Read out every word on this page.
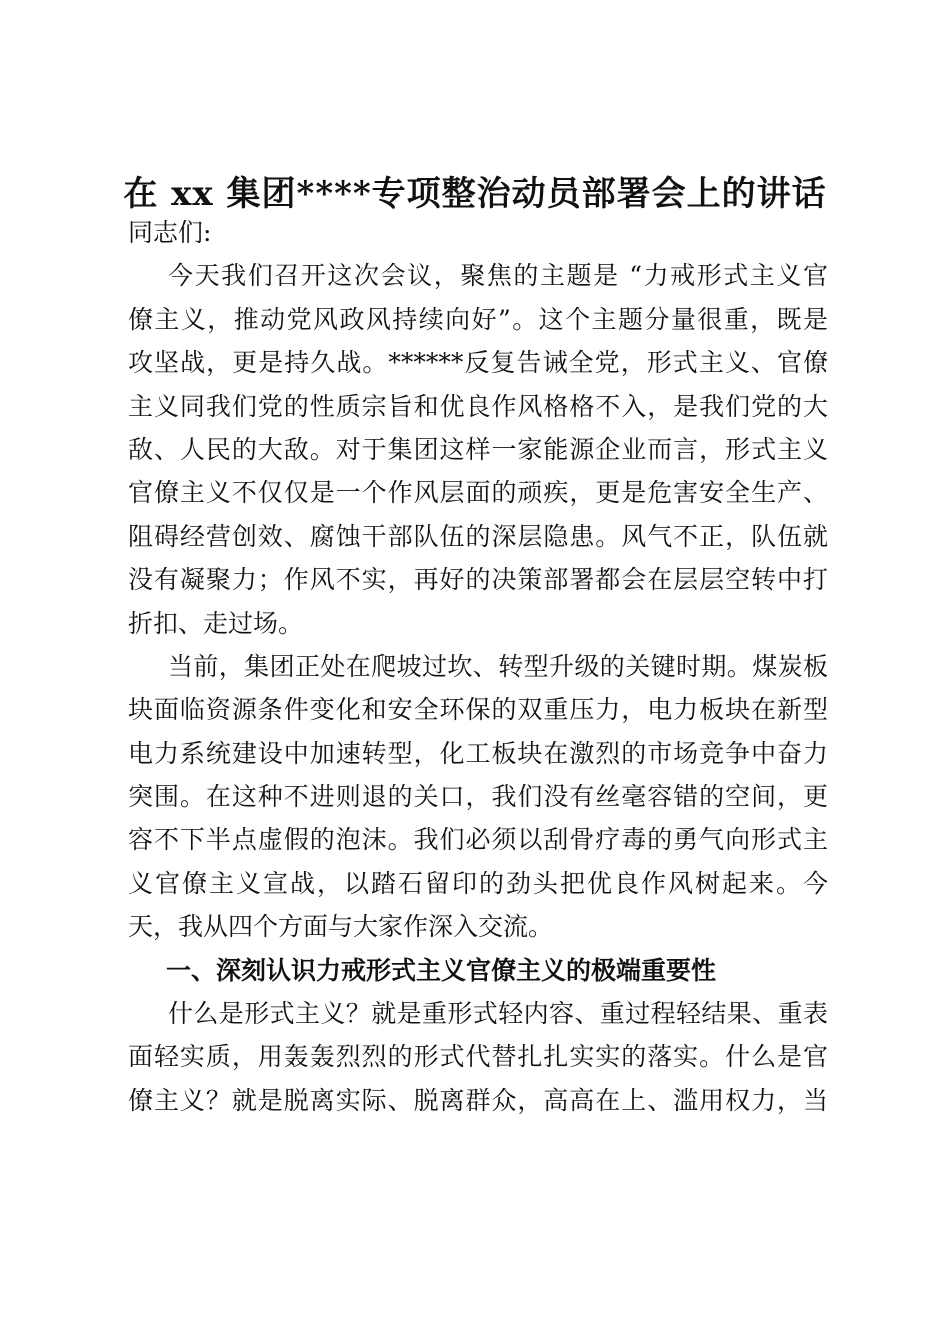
在 xx 集团****专项整治动员部署会上的讲话
同志们:
今天我们召开这次会议，聚焦的主题是 “力戒形式主义官
僚主义，推动党风政风持续向好”。这个主题分量很重，既是
攻坚战，更是持久战。******反复告诫全党，形式主义、官僚
主义同我们党的性质宗旨和优良作风格格不入，是我们党的大
敌、人民的大敌。对于集团这样一家能源企业而言，形式主义
官僚主义不仅仅是一个作风层面的顽疾，更是危害安全生产、
阻碍经营创效、腐蚀干部队伍的深层隐患。风气不正，队伍就
没有凝聚力；作风不实，再好的决策部署都会在层层空转中打
折扣、走过场。
当前，集团正处在爬坡过坎、转型升级的关键时期。煤炭板
块面临资源条件变化和安全环保的双重压力，电力板块在新型
电力系统建设中加速转型，化工板块在激烈的市场竞争中奋力
突围。在这种不进则退的关口，我们没有丝毫容错的空间，更
容不下半点虚假的泡沫。我们必须以刮骨疗毒的勇气向形式主
义官僚主义宣战，以踏石留印的劲头把优良作风树起来。今
天，我从四个方面与大家作深入交流。
一、深刻认识力戒形式主义官僚主义的极端重要性
什么是形式主义？就是重形式轻内容、重过程轻结果、重表
面轻实质，用轰轰烈烈的形式代替扎扎实实的落实。什么是官
僚主义？就是脱离实际、脱离群众，高高在上、滥用权力，当
